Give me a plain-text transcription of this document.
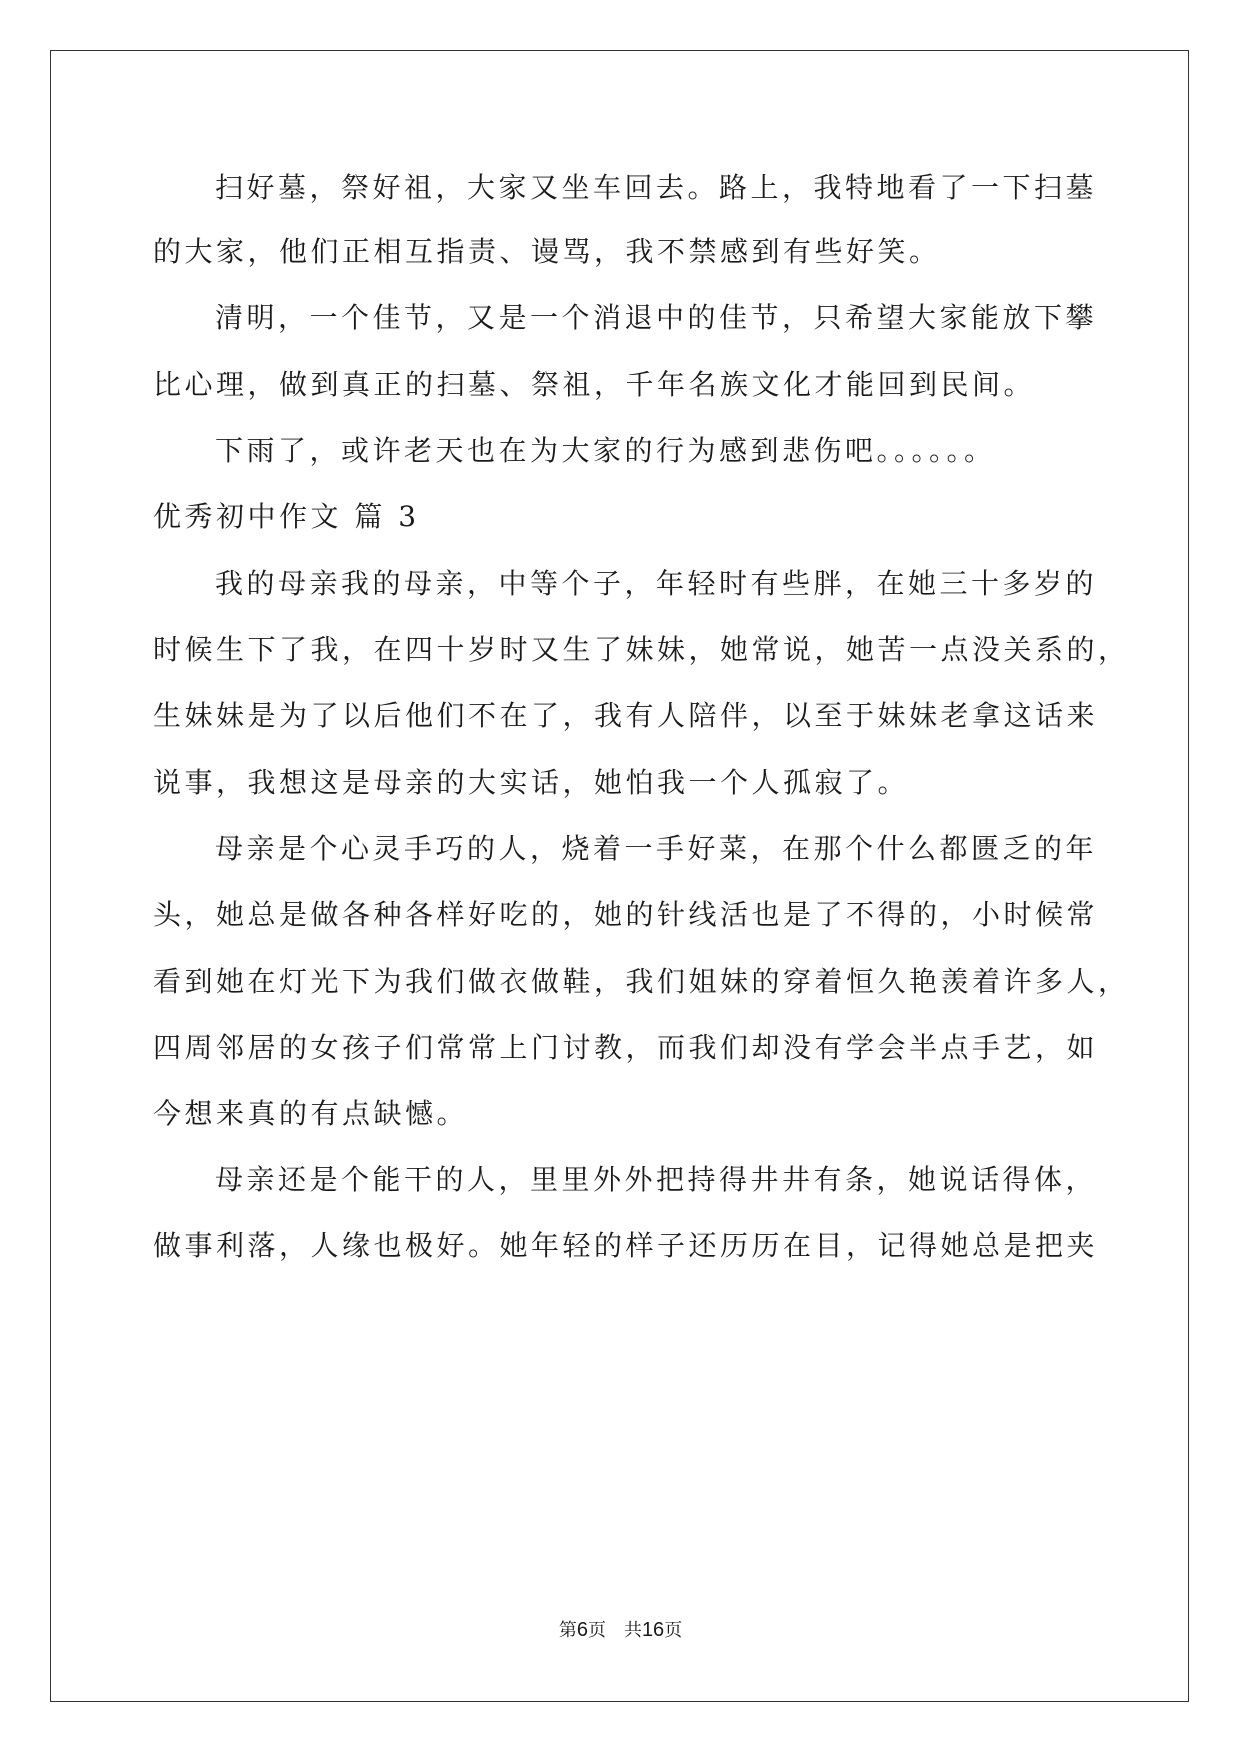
扫好墓，祭好祖，大家又坐车回去。路上，我特地看了一下扫墓
的大家，他们正相互指责、谩骂，我不禁感到有些好笑。
清明，一个佳节，又是一个消退中的佳节，只希望大家能放下攀
比心理，做到真正的扫墓、祭祖，千年名族文化才能回到民间。
下雨了，或许老天也在为大家的行为感到悲伤吧。。。。。。
优秀初中作文 篇 3
我的母亲我的母亲，中等个子，年轻时有些胖，在她三十多岁的
时候生下了我，在四十岁时又生了妹妹，她常说，她苦一点没关系的，
生妹妹是为了以后他们不在了，我有人陪伴，以至于妹妹老拿这话来
说事，我想这是母亲的大实话，她怕我一个人孤寂了。
母亲是个心灵手巧的人，烧着一手好菜，在那个什么都匮乏的年
头，她总是做各种各样好吃的，她的针线活也是了不得的，小时候常
看到她在灯光下为我们做衣做鞋，我们姐妹的穿着恒久艳羡着许多人，
四周邻居的女孩子们常常上门讨教，而我们却没有学会半点手艺，如
今想来真的有点缺憾。
母亲还是个能干的人，里里外外把持得井井有条，她说话得体，
做事利落，人缘也极好。她年轻的样子还历历在目，记得她总是把夹
第6页 共16页
